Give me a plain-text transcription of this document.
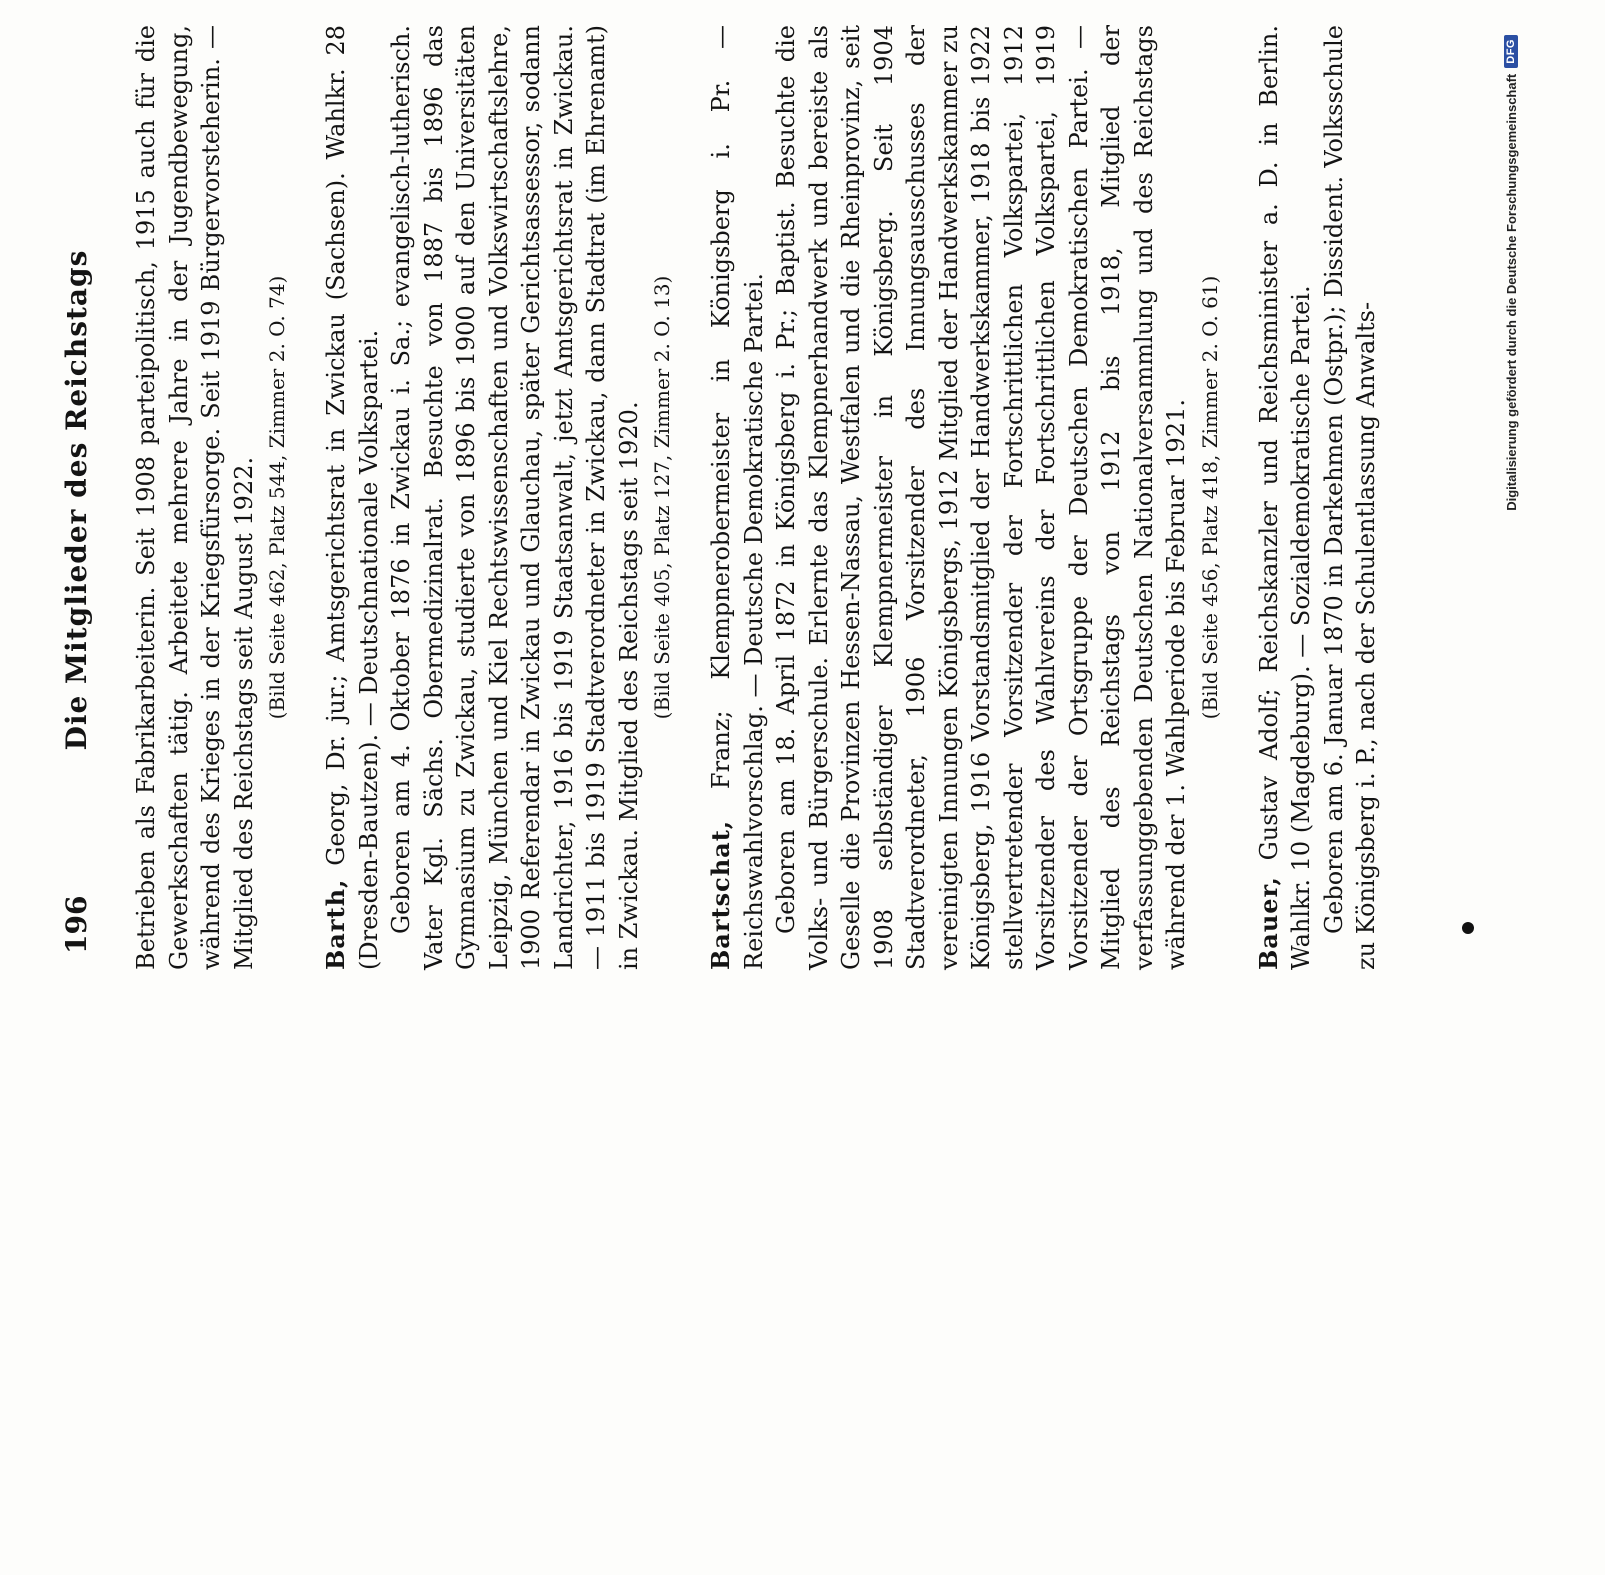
196
Die Mitglieder des Reichstags Betrieben als Fabrikarbeiterin. Seit 1908 parteipolitisch, 1915 auch für die Gewerkschaften tätig. Arbeitete mehrere Jahre in der Jugendbewegung, während des Krieges in der Kriegsfürsorge. Seit 1919 Bürgervorsteherin. — Mitglied des Reichstags seit August 1922. (Bild Seite 462, Platz 544, Zimmer 2. O. 74)

Barth, Georg, Dr. jur.; Amtsgerichtsrat in Zwickau (Sachsen). Wahlkr. 28 (Dresden-Bautzen). — Deutschnationale Volkspartei. Geboren am 4. Oktober 1876 in Zwickau i. Sa.; evangelisch-lutherisch. Vater Kgl. Sächs. Obermedizinalrat. Besuchte von 1887 bis 1896 das Gymnasium zu Zwickau, studierte von 1896 bis 1900 auf den Universitäten Leipzig, München und Kiel Rechtswissenschaften und Volkswirtschaftslehre, 1900 Referendar in Zwickau und Glauchau, später Gerichtsassessor, sodann Landrichter, 1916 bis 1919 Staatsanwalt, jetzt Amtsgerichtsrat in Zwickau. — 1911 bis 1919 Stadtverordneter in Zwickau, dann Stadtrat (im Ehrenamt) in Zwickau. Mitglied des Reichstags seit 1920. (Bild Seite 405, Platz 127, Zimmer 2. O. 13)

Bartschat, Franz; Klempnerobermeister in Königsberg i. Pr. — Reichswahlvorschlag. — Deutsche Demokratische Partei. Geboren am 18. April 1872 in Königsberg i. Pr.; Baptist. Besuchte die Volks- und Bürgerschule. Erlernte das Klempnerhandwerk und bereiste als Geselle die Provinzen Hessen-Nassau, Westfalen und die Rheinprovinz, seit 1908 selbständiger Klempnermeister in Königsberg. Seit 1904 Stadtverordneter, 1906 Vorsitzender des Innungsausschusses der vereinigten Innungen Königsbergs, 1912 Mitglied der Handwerkskammer zu Königsberg, 1916 Vorstandsmitglied der Handwerkskammer, 1918 bis 1922 stellvertretender Vorsitzender der Fortschrittlichen Volkspartei, 1912 Vorsitzender des Wahlvereins der Fortschrittlichen Volkspartei, 1919 Vorsitzender der Ortsgruppe der Deutschen Demokratischen Partei. — Mitglied des Reichstags von 1912 bis 1918, Mitglied der verfassunggebenden Deutschen Nationalversammlung und des Reichstags während der 1. Wahlperiode bis Februar 1921. (Bild Seite 456, Platz 418, Zimmer 2. O. 61)

Bauer, Gustav Adolf; Reichskanzler und Reichsminister a. D. in Berlin. Wahlkr. 10 (Magdeburg). — Sozialdemokratische Partei. Geboren am 6. Januar 1870 in Darkehmen (Ostpr.); Dissident. Volksschule zu Königsberg i. P., nach der Schulentlassung Anwalts-

Digitalisierung gefördert durch die Deutsche Forschungsgemeinschaft
DFG
